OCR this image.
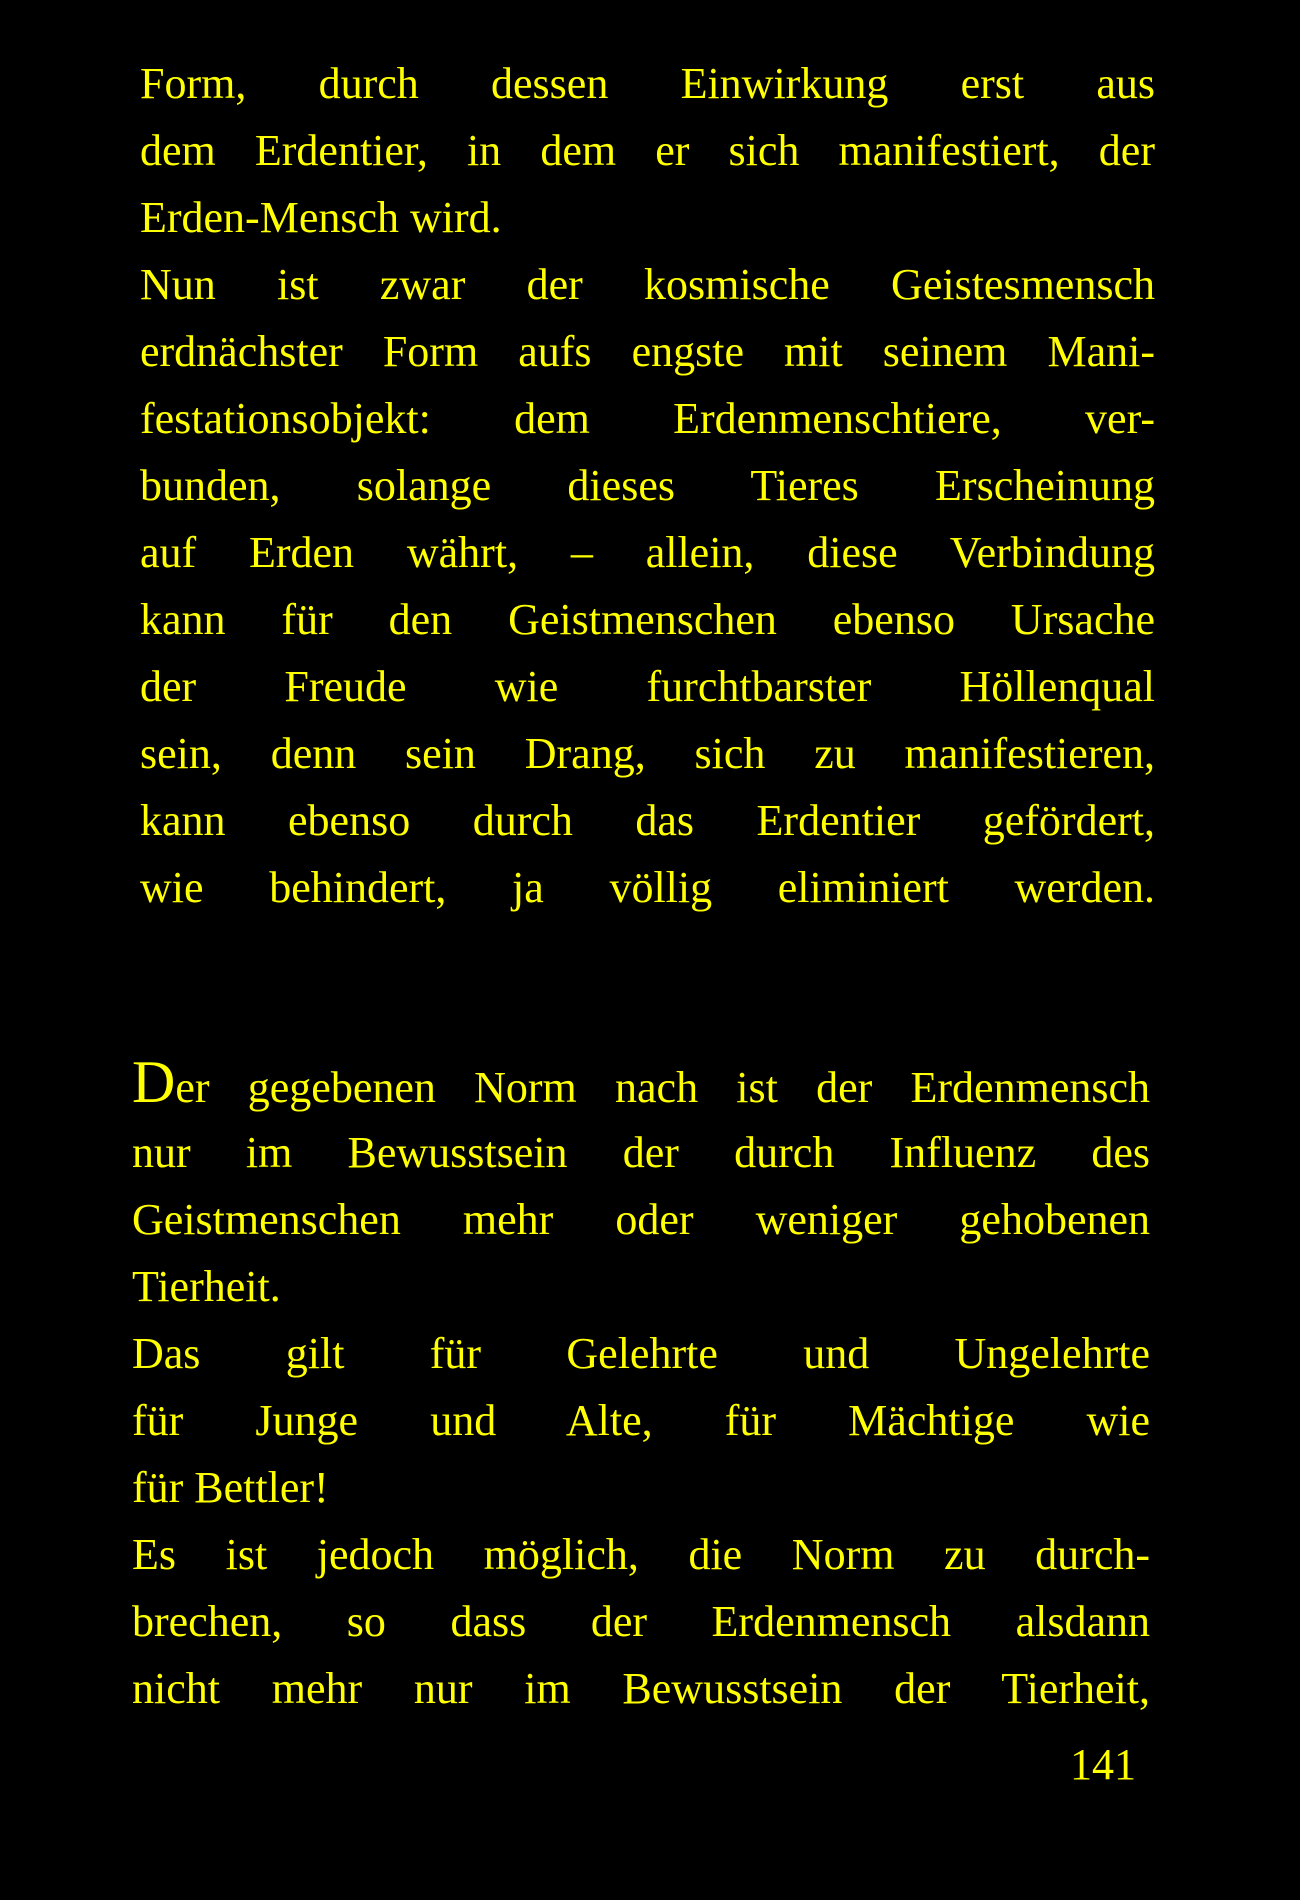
Form, durch dessen Einwirkung erst aus
dem Erdentier, in dem er sich manifestiert, der
Erden-Mensch wird.
Nun ist zwar der kosmische Geistesmensch
erdnächster Form aufs engste mit seinem Mani-
festationsobjekt: dem Erdenmenschtiere, ver-
bunden, solange dieses Tieres Erscheinung
auf Erden währt, – allein, diese Verbindung
kann für den Geistmenschen ebenso Ursache
der Freude wie furchtbarster Höllenqual
sein, denn sein Drang, sich zu manifestieren,
kann ebenso durch das Erdentier gefördert,
wie behindert, ja völlig eliminiert werden.
Der gegebenen Norm nach ist der Erdenmensch
nur im Bewusstsein der durch Influenz des
Geistmenschen mehr oder weniger gehobenen
Tierheit.
Das gilt für Gelehrte und Ungelehrte
für Junge und Alte, für Mächtige wie
für Bettler!
Es ist jedoch möglich, die Norm zu durch-
brechen, so dass der Erdenmensch alsdann
nicht mehr nur im Bewusstsein der Tierheit,
141
